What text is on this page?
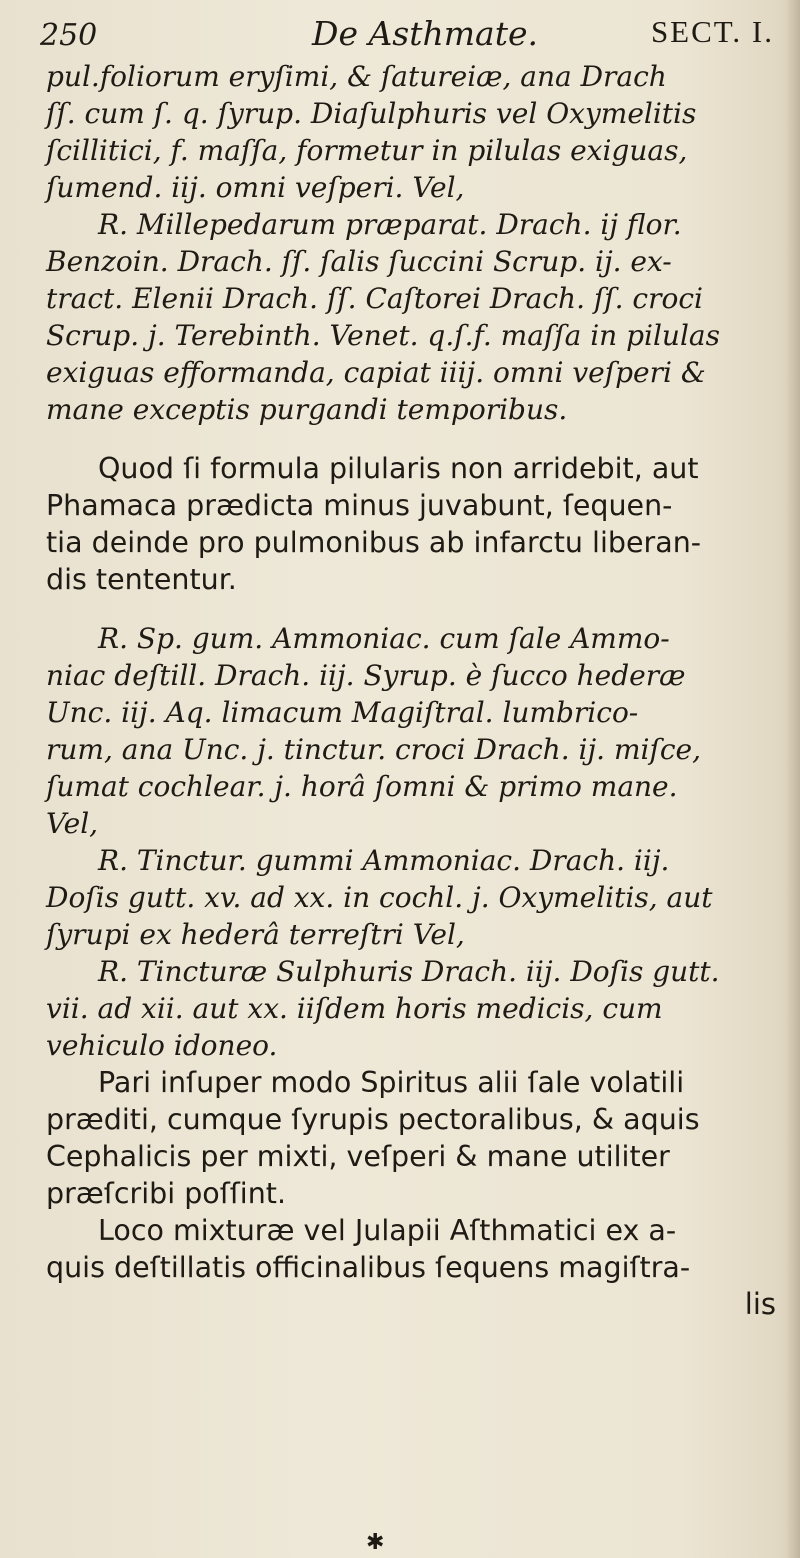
250	De Asthmate.	SECT. I.
pul.foliorum eryſimi, & ſatureiæ, ana Drach
ſſ. cum ſ. q. ſyrup. Diaſulphuris vel Oxymelitis
ſcillitici, f. maſſa, formetur in pilulas exiguas,
ſumend. iij. omni veſperi. Vel,
R. Millepedarum præparat. Drach. ij flor.
Benzoin. Drach. ſſ. ſalis ſuccini Scrup. ij. ex-
tract. Elenii Drach. ſſ. Caſtorei Drach. ſſ. croci
Scrup. j. Terebinth. Venet. q.ſ.f. maſſa in pilulas
exiguas efformanda, capiat iiij. omni veſperi &
mane exceptis purgandi temporibus.
Quod ſi formula pilularis non arridebit, aut
Phamaca prædicta minus juvabunt, ſequen-
tia deinde pro pulmonibus ab infarctu liberan-
dis tententur.
R. Sp. gum. Ammoniac. cum ſale Ammo-
niac deſtill. Drach. iij. Syrup. è ſucco hederæ
Unc. iij. Aq. limacum Magiſtral. lumbrico-
rum, ana Unc. j. tinctur. croci Drach. ij. miſce,
ſumat cochlear. j. horâ ſomni & primo mane.
Vel,
R. Tinctur. gummi Ammoniac. Drach. iij.
Doſis gutt. xv. ad xx. in cochl. j. Oxymelitis, aut
ſyrupi ex hederâ terreſtri Vel,
R. Tincturæ Sulphuris Drach. iij. Doſis gutt.
vii. ad xii. aut xx. iiſdem horis medicis, cum
vehiculo idoneo.
Pari inſuper modo Spiritus alii ſale volatili
præditi, cumque ſyrupis pectoralibus, & aquis
Cephalicis per mixti, veſperi & mane utiliter
præſcribi poſſint.
Loco mixturæ vel Julapii Aſthmatici ex a-
quis deſtillatis officinalibus ſequens magiſtra-
lis
✱
